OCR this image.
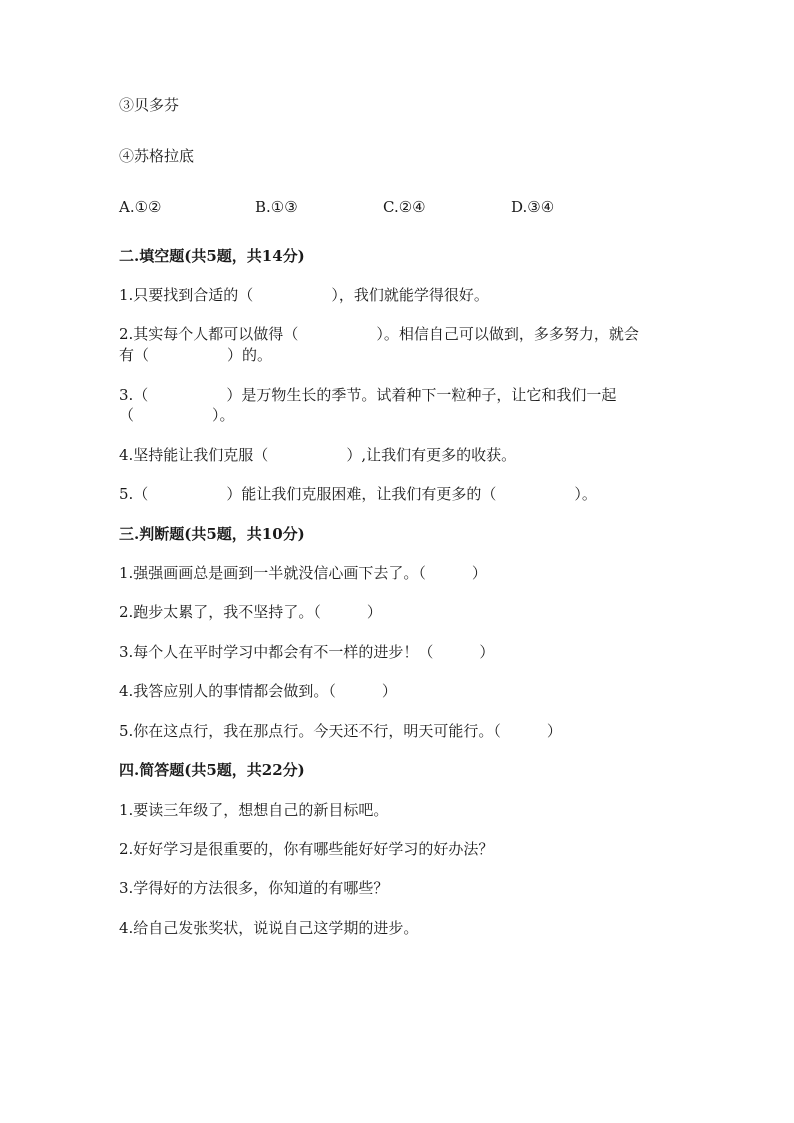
③贝多芬
④苏格拉底
A.①②	B.①③	C.②④	D.③④
二.填空题(共5题，共14分)
1.只要找到合适的（	），我们就能学得很好。
2.其实每个人都可以做得（	）。相信自己可以做到，多多努力，就会
有（	）的。
3.（	）是万物生长的季节。试着种下一粒种子，让它和我们一起
（	）。
4.坚持能让我们克服（	）,让我们有更多的收获。
5.（	）能让我们克服困难，让我们有更多的（	）。
三.判断题(共5题，共10分)
1.强强画画总是画到一半就没信心画下去了。（	）
2.跑步太累了，我不坚持了。（	）
3.每个人在平时学习中都会有不一样的进步！（	）
4.我答应别人的事情都会做到。（	）
5.你在这点行，我在那点行。今天还不行，明天可能行。（	）
四.简答题(共5题，共22分)
1.要读三年级了，想想自己的新目标吧。
2.好好学习是很重要的，你有哪些能好好学习的好办法？
3.学得好的方法很多，你知道的有哪些？
4.给自己发张奖状，说说自己这学期的进步。
